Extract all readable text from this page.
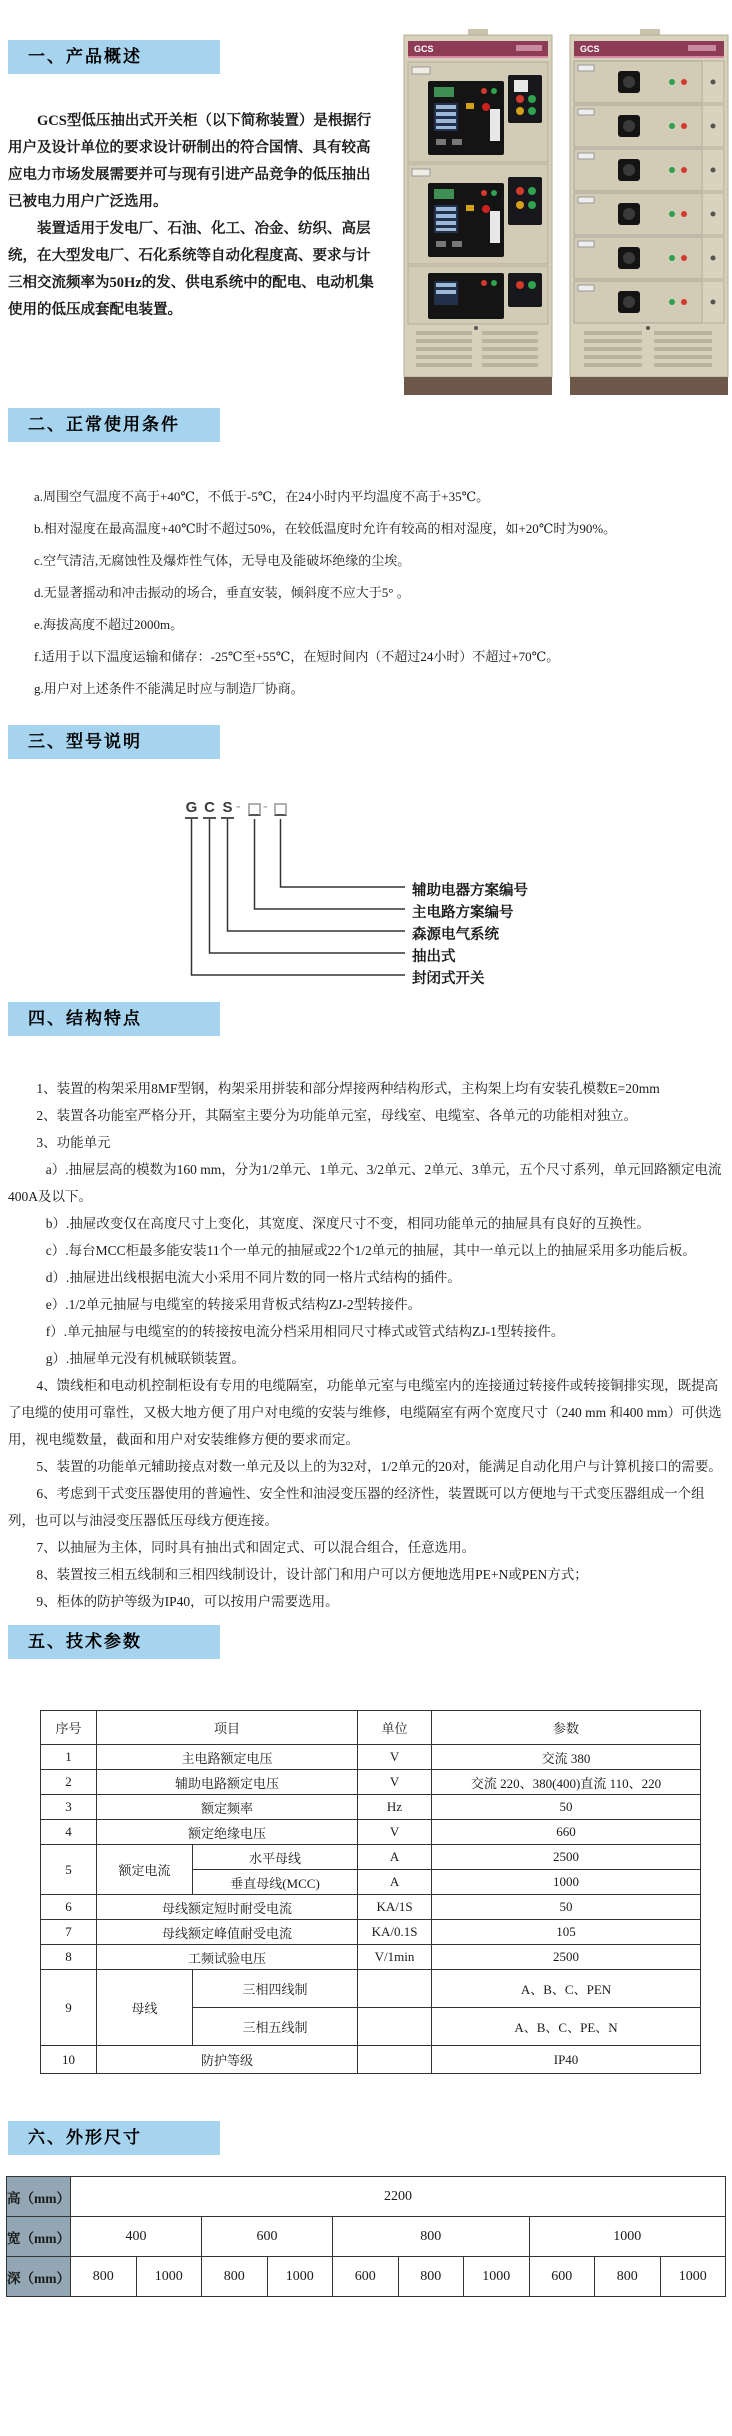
一、产品概述
GCS型低压抽出式开关柜（以下简称装置）是根据行
用户及设计单位的要求设计研制出的符合国情、具有较高
应电力市场发展需要并可与现有引进产品竞争的低压抽出
已被电力用户广泛选用。
装置适用于发电厂、石油、化工、冶金、纺织、高层
统，在大型发电厂、石化系统等自动化程度高、要求与计
三相交流频率为50Hz的发、供电系统中的配电、电动机集
使用的低压成套配电装置。
GCS
	GCS
二、正常使用条件
a.周围空气温度不高于+40℃，不低于-5℃，在24小时内平均温度不高于+35℃。
b.相对湿度在最高温度+40℃时不超过50%，在较低温度时允许有较高的相对湿度，如+20℃时为90%。
c.空气清洁,无腐蚀性及爆炸性气体，无导电及能破坏绝缘的尘埃。
d.无显著摇动和冲击振动的场合，垂直安装，倾斜度不应大于5° 。
e.海拔高度不超过2000m。
f.适用于以下温度运输和储存：-25℃至+55℃，在短时间内（不超过24小时）不超过+70℃。
g.用户对上述条件不能满足时应与制造厂协商。
三、型号说明
G C S - -
辅助电器方案编号
主电路方案编号
森源电气系统
抽出式
封闭式开关
四、结构特点

1、装置的构架采用8MF型钢，构架采用拼装和部分焊接两种结构形式，主构架上均有安装孔模数E=20mm

2、装置各功能室严格分开，其隔室主要分为功能单元室，母线室、电缆室、各单元的功能相对独立。

3、功能单元

a）.抽屉层高的模数为160 mm，分为1/2单元、1单元、3/2单元、2单元、3单元，五个尺寸系列，单元回路额定电流400A及以下。

b）.抽屉改变仅在高度尺寸上变化，其宽度、深度尺寸不变，相同功能单元的抽屉具有良好的互换性。

c）.每台MCC柜最多能安装11个一单元的抽屉或22个1/2单元的抽屉，其中一单元以上的抽屉采用多功能后板。

d）.抽屉进出线根据电流大小采用不同片数的同一格片式结构的插件。

e）.1/2单元抽屉与电缆室的转接采用背板式结构ZJ-2型转接件。

f）.单元抽屉与电缆室的的转接按电流分档采用相同尺寸棒式或管式结构ZJ-1型转接件。

g）.抽屉单元没有机械联锁装置。

4、馈线柜和电动机控制柜设有专用的电缆隔室，功能单元室与电缆室内的连接通过转接件或转接铜排实现，既提高了电缆的使用可靠性，又极大地方便了用户对电缆的安装与维修，电缆隔室有两个宽度尺寸（240 mm 和400 mm）可供选用，视电缆数量，截面和用户对安装维修方便的要求而定。

5、装置的功能单元辅助接点对数一单元及以上的为32对，1/2单元的20对，能满足自动化用户与计算机接口的需要。

6、考虑到干式变压器使用的普遍性、安全性和油浸变压器的经济性，装置既可以方便地与干式变压器组成一个组列，也可以与油浸变压器低压母线方便连接。

7、以抽屉为主体，同时具有抽出式和固定式、可以混合组合，任意选用。

8、装置按三相五线制和三相四线制设计，设计部门和用户可以方便地选用PE+N或PEN方式；

9、柜体的防护等级为IP40，可以按用户需要选用。

五、技术参数
序号	项目		单位	参数
1	主电路额定电压		V	交流 380
2	辅助电路额定电压		V	交流 220、380(400)直流 110、220
3	额定频率		Hz	50
4	额定绝缘电压		V	660
5	额定电流	水平母线	A	2500
		垂直母线(MCC)	A	1000
6	母线额定短时耐受电流		KA/1S	50
7	母线额定峰值耐受电流		KA/0.1S	105
8	工频试验电压		V/1min	2500
9	母线	三相四线制		A、B、C、PEN
		三相五线制		A、B、C、PE、N
10	防护等级			IP40
六、外形尺寸
高（mm）	2200									
宽（mm）	400		600		800			1000		
深（mm）	800	1000	800	1000	600	800	1000	600	800	1000
